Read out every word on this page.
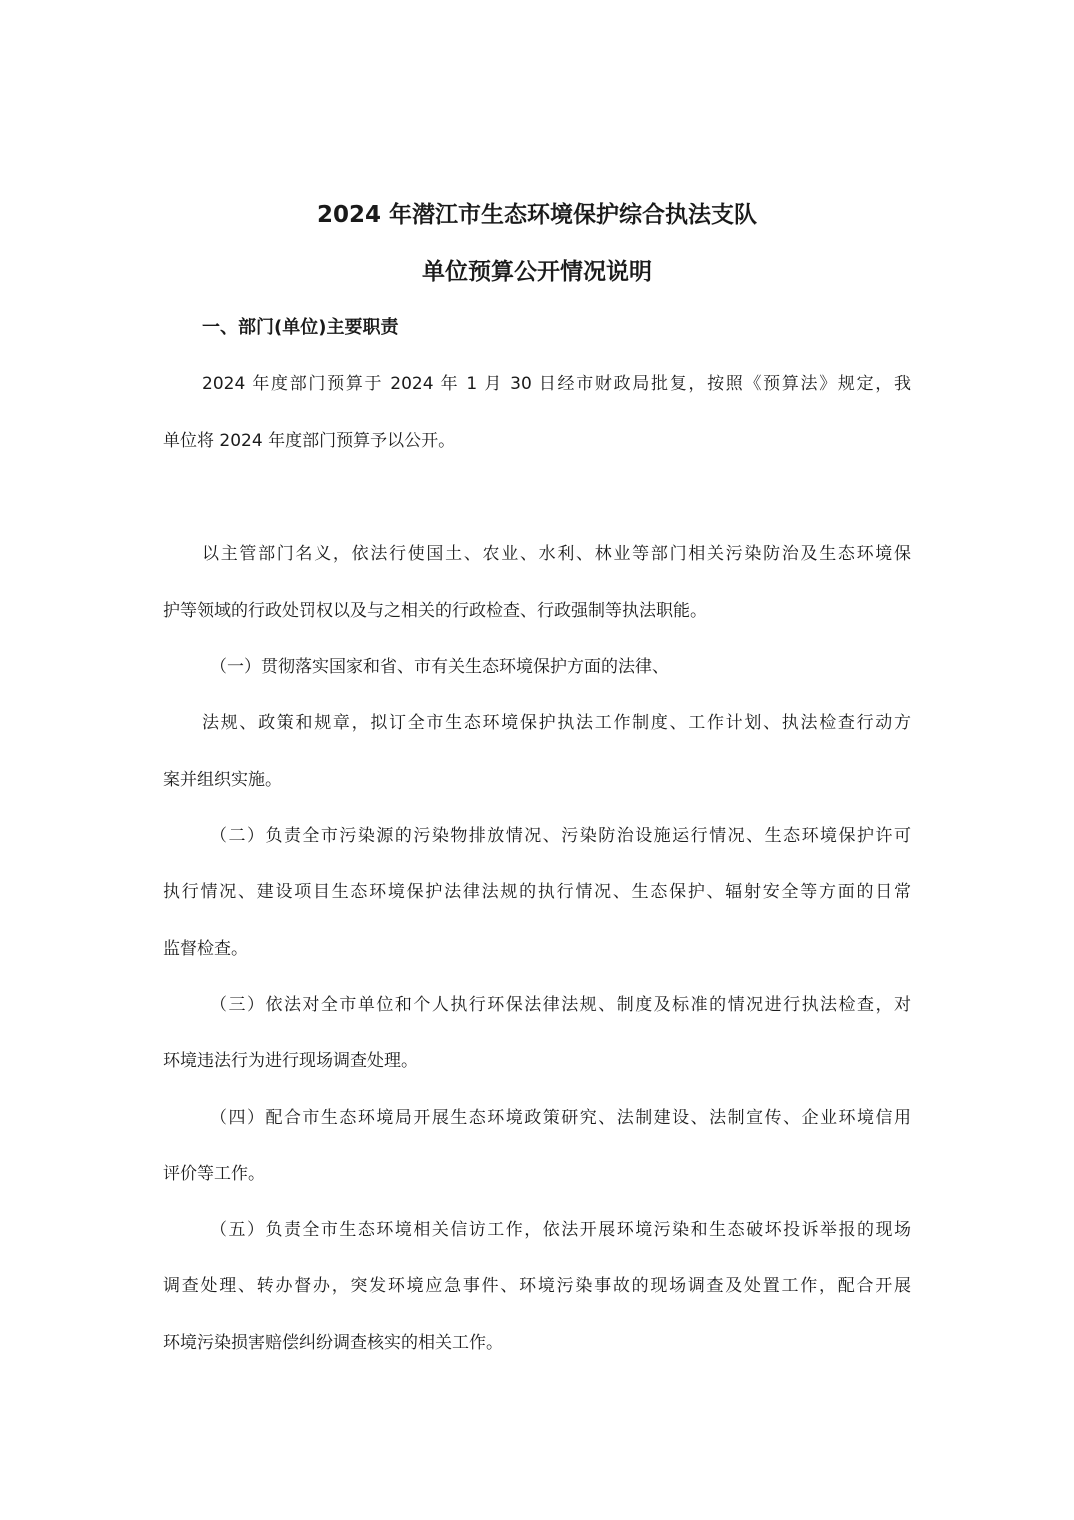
2024 年潜江市生态环境保护综合执法支队
单位预算公开情况说明
一、部门(单位)主要职责
2024 年度部门预算于 2024 年 1 月 30 日经市财政局批复，按照《预算法》规定，我
单位将 2024 年度部门预算予以公开。
以主管部门名义，依法行使国土、农业、水利、林业等部门相关污染防治及生态环境保
护等领域的行政处罚权以及与之相关的行政检查、行政强制等执法职能。
（一）贯彻落实国家和省、市有关生态环境保护方面的法律、
法规、政策和规章，拟订全市生态环境保护执法工作制度、工作计划、执法检查行动方
案并组织实施。
（二）负责全市污染源的污染物排放情况、污染防治设施运行情况、生态环境保护许可
执行情况、建设项目生态环境保护法律法规的执行情况、生态保护、辐射安全等方面的日常
监督检查。
（三）依法对全市单位和个人执行环保法律法规、制度及标准的情况进行执法检查，对
环境违法行为进行现场调查处理。
（四）配合市生态环境局开展生态环境政策研究、法制建设、法制宣传、企业环境信用
评价等工作。
（五）负责全市生态环境相关信访工作，依法开展环境污染和生态破坏投诉举报的现场
调查处理、转办督办，突发环境应急事件、环境污染事故的现场调查及处置工作，配合开展
环境污染损害赔偿纠纷调查核实的相关工作。
